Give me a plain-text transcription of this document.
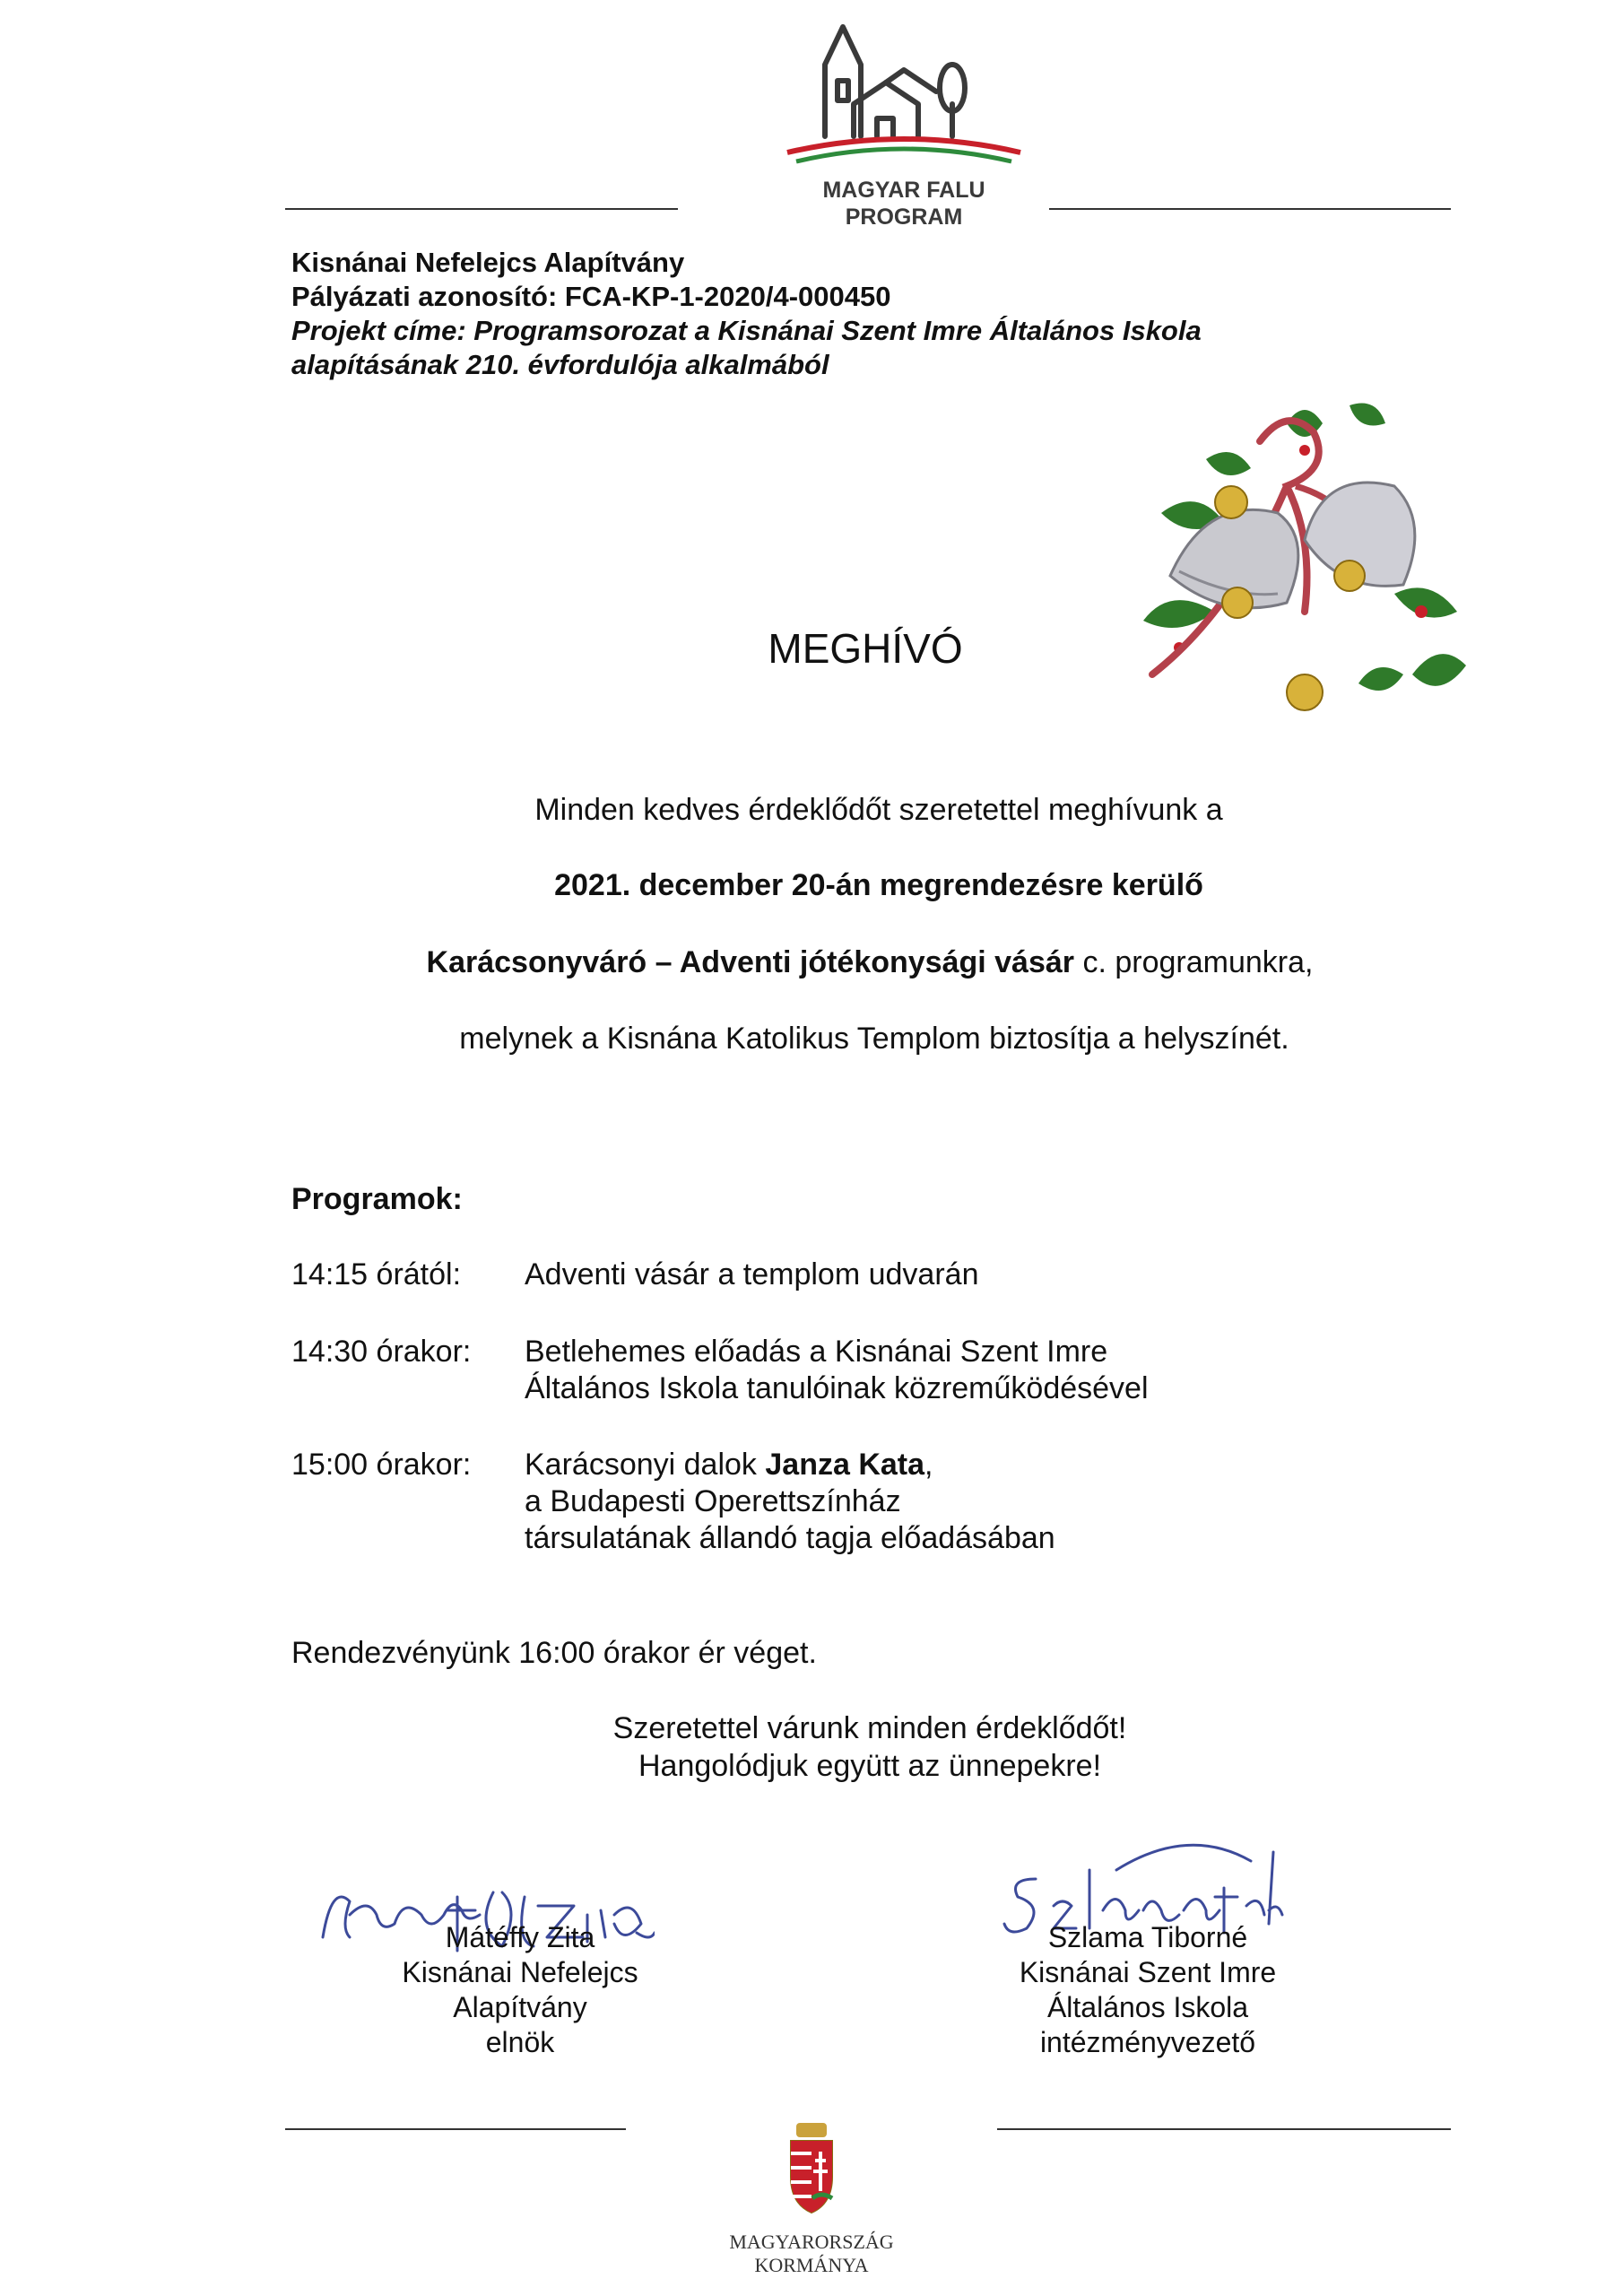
MAGYAR FALU
PROGRAM
Kisnánai Nefelejcs Alapítvány
Pályázati azonosító: FCA-KP-1-2020/4-000450
Projekt címe: Programsorozat a Kisnánai Szent Imre Általános Iskola
alapításának 210. évfordulója alkalmából
MEGHÍVÓ
Minden kedves érdeklődőt szeretettel meghívunk a
2021. december 20-án megrendezésre kerülő
Karácsonyváró – Adventi jótékonysági vásár c. programunkra,
melynek a Kisnána Katolikus Templom biztosítja a helyszínét.
Programok:
14:15 órától: Adventi vásár a templom udvarán
14:30 órakor: Betlehemes előadás a Kisnánai Szent Imre
Általános Iskola tanulóinak közreműködésével
15:00 órakor: Karácsonyi dalok Janza Kata,
a Budapesti Operettszínház
társulatának állandó tagja előadásában
Rendezvényünk 16:00 órakor ér véget.
Szeretettel várunk minden érdeklődőt!
Hangolódjuk együtt az ünnepekre!
Mátéffy Zita
Kisnánai Nefelejcs
Alapítvány
elnök
Szlama Tiborné
Kisnánai Szent Imre
Általános Iskola
intézményvezető
MAGYARORSZÁG
KORMÁNYA
